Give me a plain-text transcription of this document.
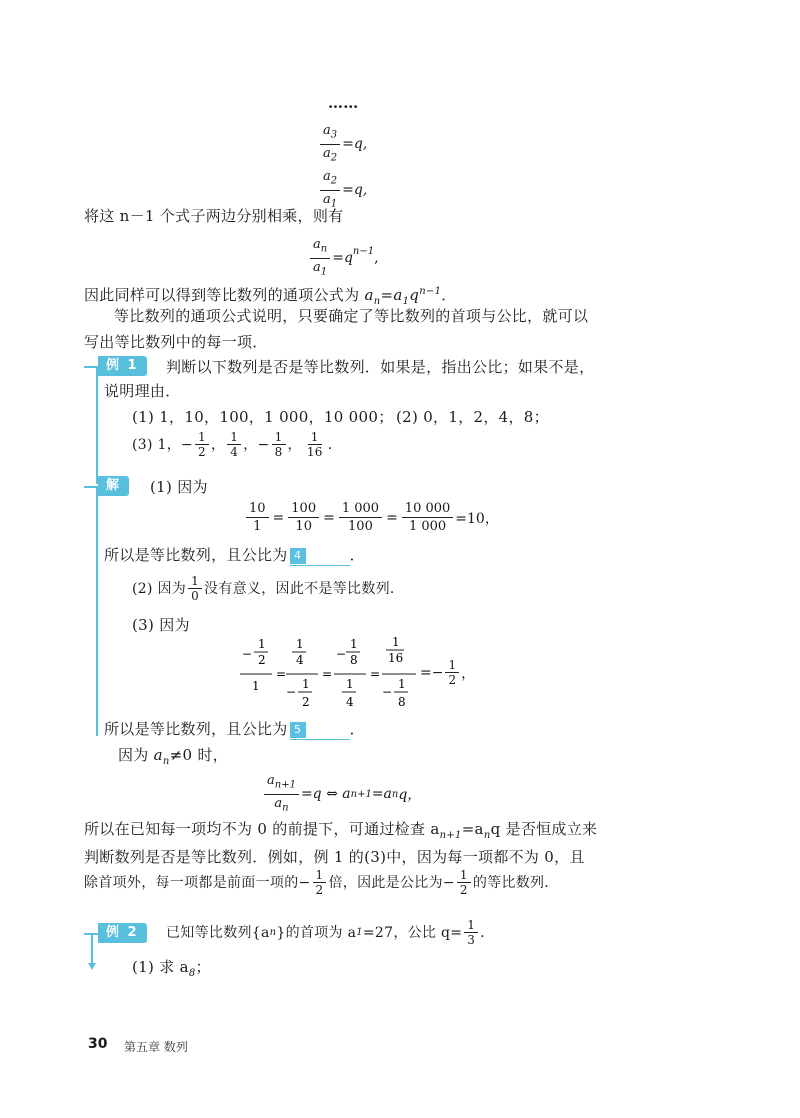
……
$\frac{a_3}{a_2} =q$,
$\frac{a_2}{a_1} =q$,
将这 n－1 个式子两边分别相乘，则有
$\frac{a_n}{a_1} =q^{n-1}$ ,
因此同样可以得到等比数列的通项公式为 $a_n=a_1q^{n-1}$．
等比数列的通项公式说明，只要确定了等比数列的首项与公比，就可以
写出等比数列中的每一项．
例 1	判断以下数列是否是等比数列．如果是，指出公比；如果不是，
说明理由．
(1) 1，10，100，1 000，10 000； (2) 0，1，2，4，8；
(3) 1，− $\frac{1}{2}$ ， $\frac{1}{4}$ ，− $\frac{1}{8}$ ， $\frac{1}{16}$ ．
解	(1) 因为
$\frac{10}{1} = \frac{100}{10} = \frac{1 000}{100} = \frac{10 000}{1 000} =10$，
所以是等比数列，且公比为 4	．
(2) 因为 $\frac{1}{0}$ 没有意义，因此不是等比数列．
(3) 因为
−
1
2
1
=
1
4
−
1
2
=
−
1
8
1
4
=
1
16
−
1
8
=− $\frac{1}{2}$ ，
所以是等比数列，且公比为 5	．
因为 $a_n\ne 0$ 时，
$\frac{a_{n+1}}{a_n} =q$ ⇔ a n+1 =a n q，
所以在已知每一项均不为 0 的前提下，可通过检查 $a_{n+1}=a_nq$ 是否恒成立来
判断数列是否是等比数列．例如，例 1 的(3)中，因为每一项都不为 0，且
除首项外，每一项都是前面一项的− $\frac{1}{2}$ 倍，因此是公比为− $\frac{1}{2}$ 的等比数列．
例 2	已知等比数列{a n }的首项为 a 1 =27，公比 $q= \frac{1}{3}$ ．
(1) 求 $a_8$；
30 第五章 数列
